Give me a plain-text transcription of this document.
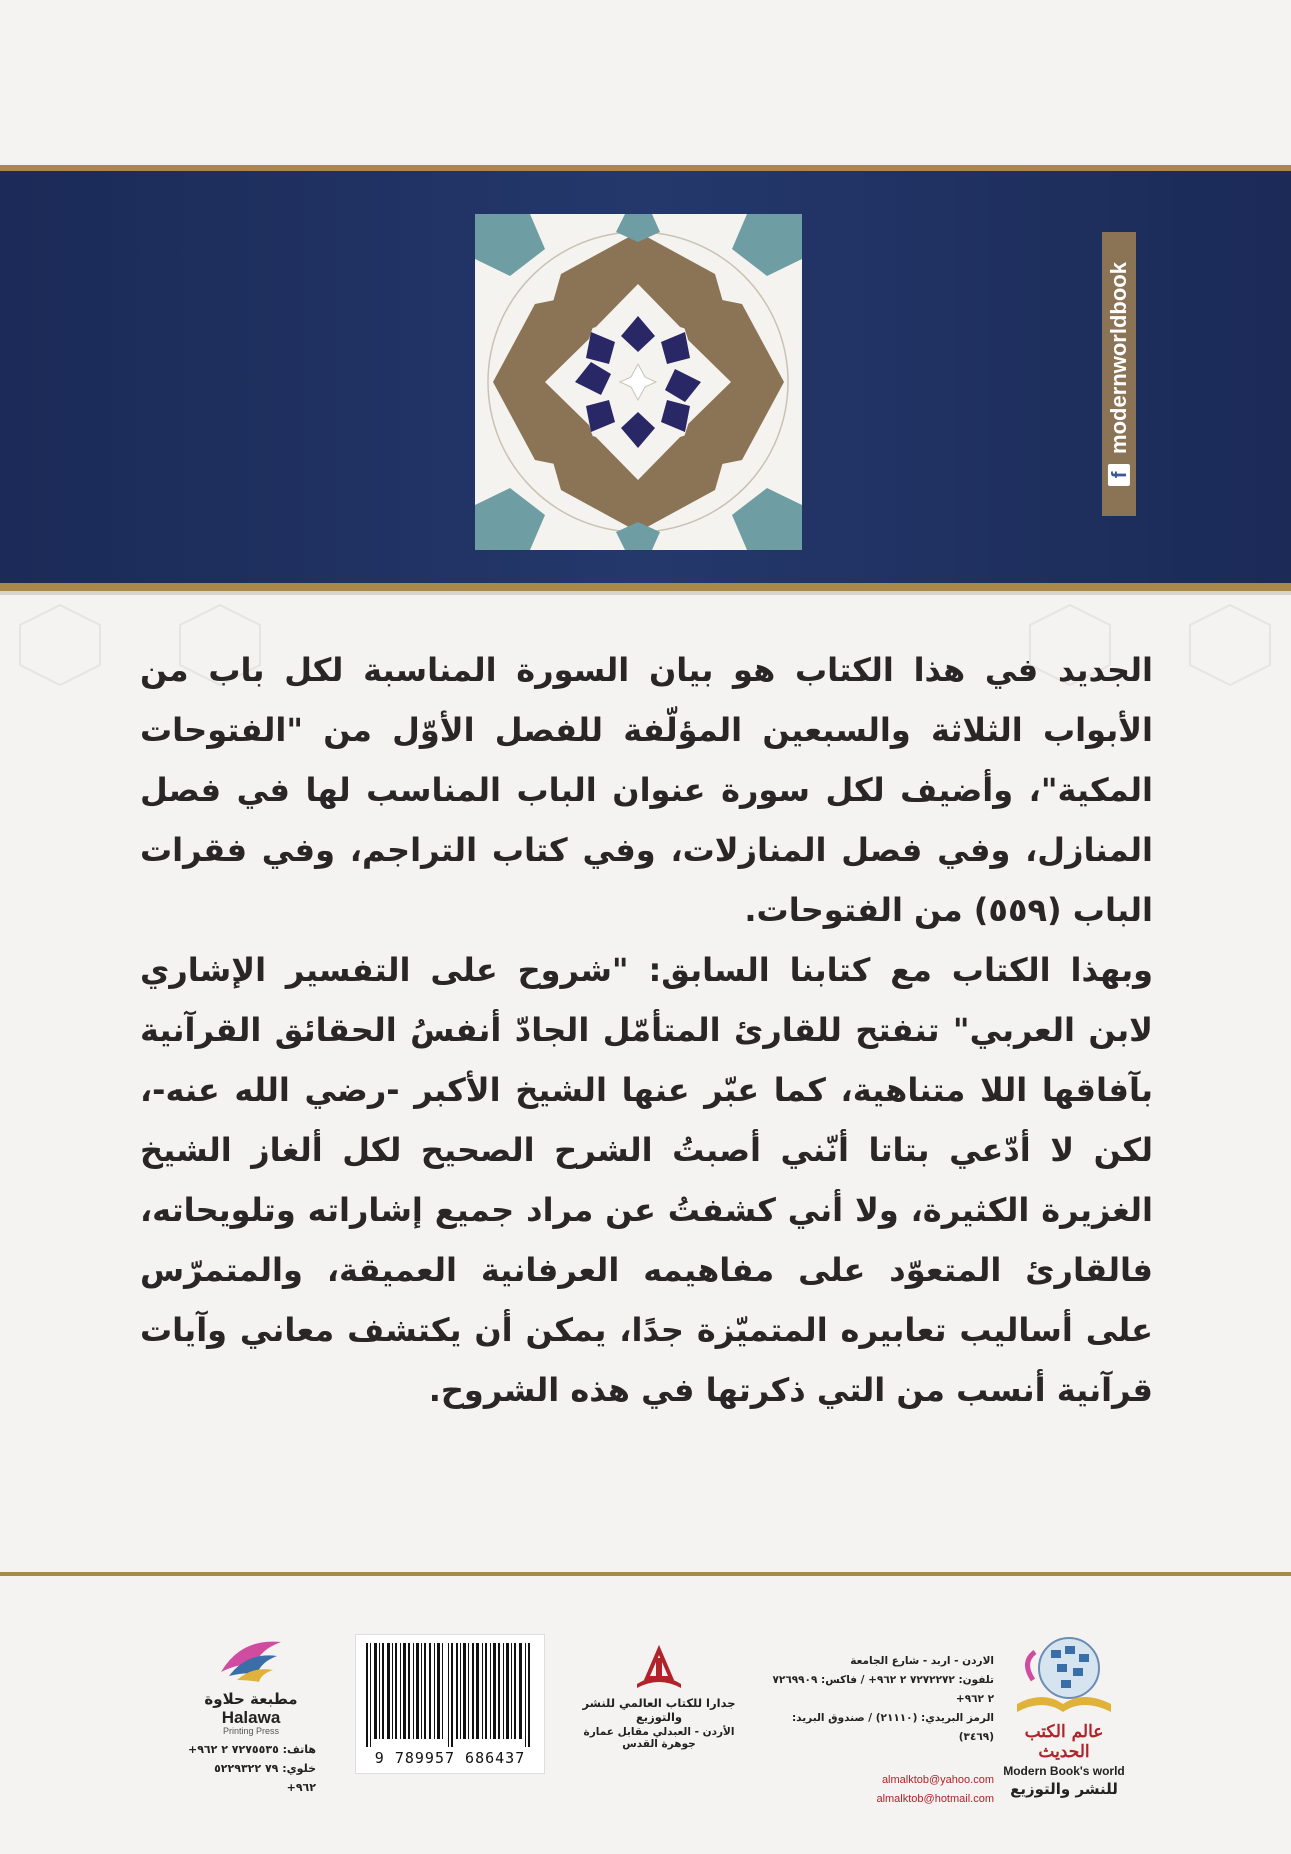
f
modernworldbook

الجديد في هذا الكتاب هو بيان السورة المناسبة لكل باب من الأبواب الثلاثة والسبعين المؤلّفة للفصل الأوّل من "الفتوحات المكية"، وأضيف لكل سورة عنوان الباب المناسب لها في فصل المنازل، وفي فصل المنازلات، وفي كتاب التراجم، وفي فقرات الباب (٥٥٩) من الفتوحات.

وبهذا الكتاب مع كتابنا السابق: "شروح على التفسير الإشاري لابن العربي" تنفتح للقارئ المتأمّل الجادّ أنفسُ الحقائق القرآنية بآفاقها اللا متناهية، كما عبّر عنها الشيخ الأكبر -رضي الله عنه-، لكن لا أدّعي بتاتا أنّني أصبتُ الشرح الصحيح لكل ألغاز الشيخ الغزيرة الكثيرة، ولا أني كشفتُ عن مراد جميع إشاراته وتلويحاته، فالقارئ المتعوّد على مفاهيمه العرفانية العميقة، والمتمرّس على أساليب تعابيره المتميّزة جدًا، يمكن أن يكتشف معاني وآيات قرآنية أنسب من التي ذكرتها في هذه الشروح.

عالم الكتب الحديث
Modern Book's world
للنشر والتوزيع
الاردن - اربد - شارع الجامعة
تلفون: ٧٢٧٢٢٧٢ ٢ ٩٦٢+ / فاكس: ٧٢٦٩٩٠٩ ٢ ٩٦٢+
الرمز البريدي: (٢١١١٠) / صندوق البريد: (٣٤٦٩)
almalktob@yahoo.com
almalktob@hotmail.com
جدارا للكتاب العالمي للنشر والتوزيع
الأردن - العبدلي مقابل عمارة جوهرة القدس
9 789957 686437
مطبعة حلاوة
Halawa
Printing Press
هاتف: ٧٢٧٥٥٣٥ ٢ ٩٦٢+
خلوي: ٧٩ ٥٢٢٩٣٢٢ ٩٦٢+
